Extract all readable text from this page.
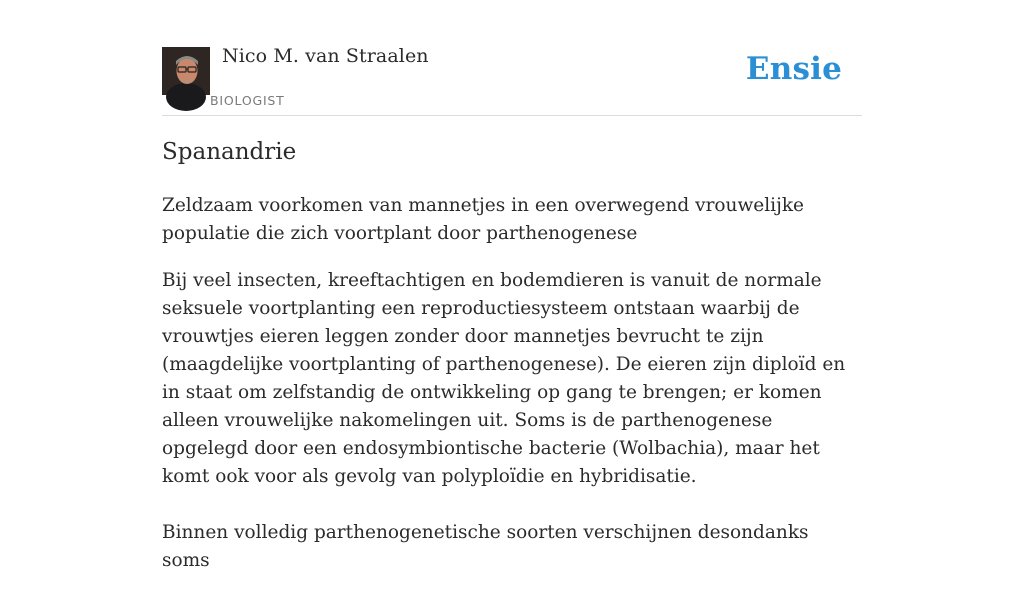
Nico M. van Straalen
BIOLOGIST
Ensie
Spanandrie

Zeldzaam voorkomen van mannetjes in een overwegend vrouwelijke populatie die zich voortplant door parthenogenese

Bij veel insecten, kreeftachtigen en bodemdieren is vanuit de normale seksuele voortplanting een reproductiesysteem ontstaan waarbij de vrouwtjes eieren leggen zonder door mannetjes bevrucht te zijn (maagdelijke voortplanting of parthenogenese). De eieren zijn diploïd en in staat om zelfstandig de ontwikkeling op gang te brengen; er komen alleen vrouwelijke nakomelingen uit. Soms is de parthenogenese opgelegd door een endosymbiontische bacterie (Wolbachia), maar het komt ook voor als gevolg van polyploïdie en hybridisatie.

Binnen volledig parthenogenetische soorten verschijnen desondanks soms
